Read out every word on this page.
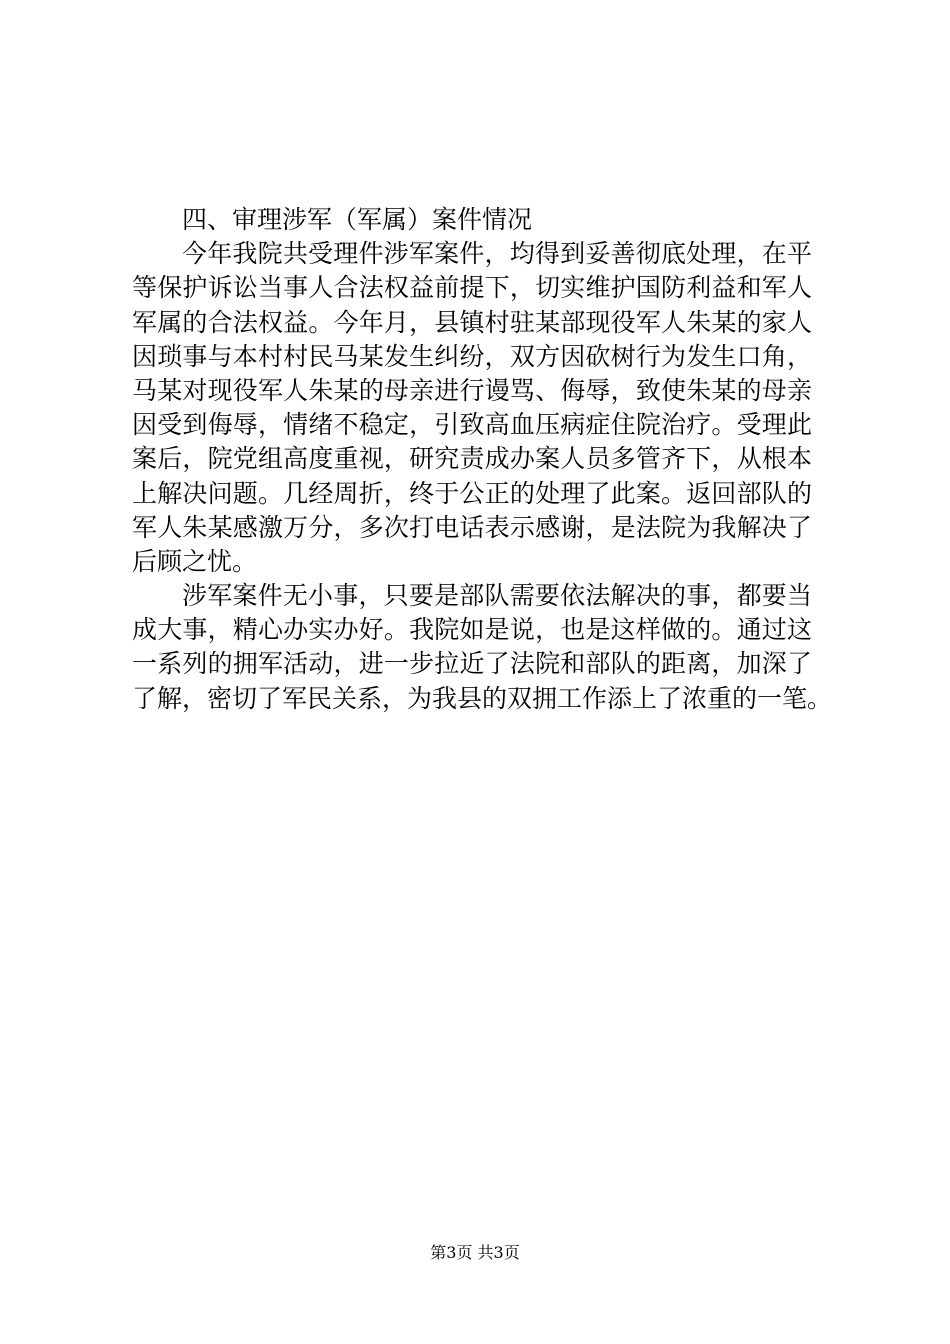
四、审理涉军（军属）案件情况
今年我院共受理件涉军案件，均得到妥善彻底处理，在平
等保护诉讼当事人合法权益前提下，切实维护国防利益和军人
军属的合法权益。今年月，县镇村驻某部现役军人朱某的家人
因琐事与本村村民马某发生纠纷，双方因砍树行为发生口角，
马某对现役军人朱某的母亲进行谩骂、侮辱，致使朱某的母亲
因受到侮辱，情绪不稳定，引致高血压病症住院治疗。受理此
案后，院党组高度重视，研究责成办案人员多管齐下，从根本
上解决问题。几经周折，终于公正的处理了此案。返回部队的
军人朱某感激万分，多次打电话表示感谢，是法院为我解决了
后顾之忧。
涉军案件无小事，只要是部队需要依法解决的事，都要当
成大事，精心办实办好。我院如是说，也是这样做的。通过这
一系列的拥军活动，进一步拉近了法院和部队的距离，加深了
了解，密切了军民关系，为我县的双拥工作添上了浓重的一笔。
第3页 共3页
